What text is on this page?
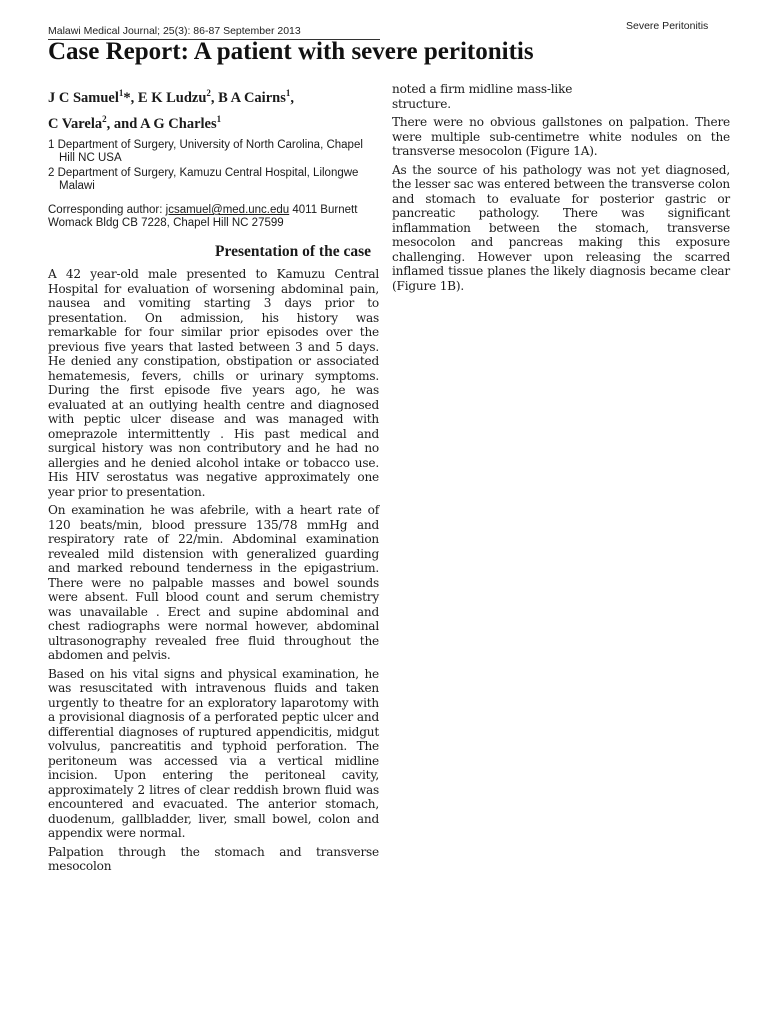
Malawi Medical Journal; 25(3): 86-87 September 2013	Severe Peritonitis
Case Report: A patient with severe peritonitis

J C Samuel$^1$*, E K Ludzu$^2$, B A Cairns$^1$, C Varela$^2$, and A G Charles$^1$

1 Department of Surgery, University of North Carolina, Chapel Hill NC USA
2 Department of Surgery, Kamuzu Central Hospital, Lilongwe Malawi
Corresponding author: jcsamuel@med.unc.edu 4011 Burnett Womack Bldg CB 7228, Chapel Hill NC 27599
Presentation of the case

A 42 year-old male presented to Kamuzu Central Hospital for evaluation of worsening abdominal pain, nausea and vomiting starting 3 days prior to presentation. On admission, his history was remarkable for four similar prior episodes over the previous five years that lasted between 3 and 5 days. He denied any constipation, obstipation or associated hematemesis, fevers, chills or urinary symptoms. During the first episode five years ago, he was evaluated at an outlying health centre and diagnosed with peptic ulcer disease and was managed with omeprazole intermittently . His past medical and surgical history was non contributory and he had no allergies and he denied alcohol intake or tobacco use. His HIV serostatus was negative approximately one year prior to presentation.

On examination he was afebrile, with a heart rate of 120 beats/min, blood pressure 135/78 mmHg and respiratory rate of 22/min. Abdominal examination revealed mild distension with generalized guarding and marked rebound tenderness in the epigastrium. There were no palpable masses and bowel sounds were absent. Full blood count and serum chemistry was unavailable . Erect and supine abdominal and chest radiographs were normal however, abdominal ultrasonography revealed free fluid throughout the abdomen and pelvis.

Based on his vital signs and physical examination, he was resuscitated with intravenous fluids and taken urgently to theatre for an exploratory laparotomy with a provisional diagnosis of a perforated peptic ulcer and differential diagnoses of ruptured appendicitis, midgut volvulus, pancreatitis and typhoid perforation. The peritoneum was accessed via a vertical midline incision. Upon entering the peritoneal cavity, approximately 2 litres of clear reddish brown fluid was encountered and evacuated. The anterior stomach, duodenum, gallbladder, liver, small bowel, colon and appendix were normal.

Palpation through the stomach and transverse mesocolon

noted a firm midline mass-like structure.

There were no obvious gallstones on palpation. There were multiple sub-centimetre white nodules on the transverse mesocolon (Figure 1A).

As the source of his pathology was not yet diagnosed, the lesser sac was entered between the transverse colon and stomach to evaluate for posterior gastric or pancreatic pathology. There was significant inflammation between the stomach, transverse mesocolon and pancreas making this exposure challenging. However upon releasing the scarred inflamed tissue planes the likely diagnosis became clear (Figure 1B).
